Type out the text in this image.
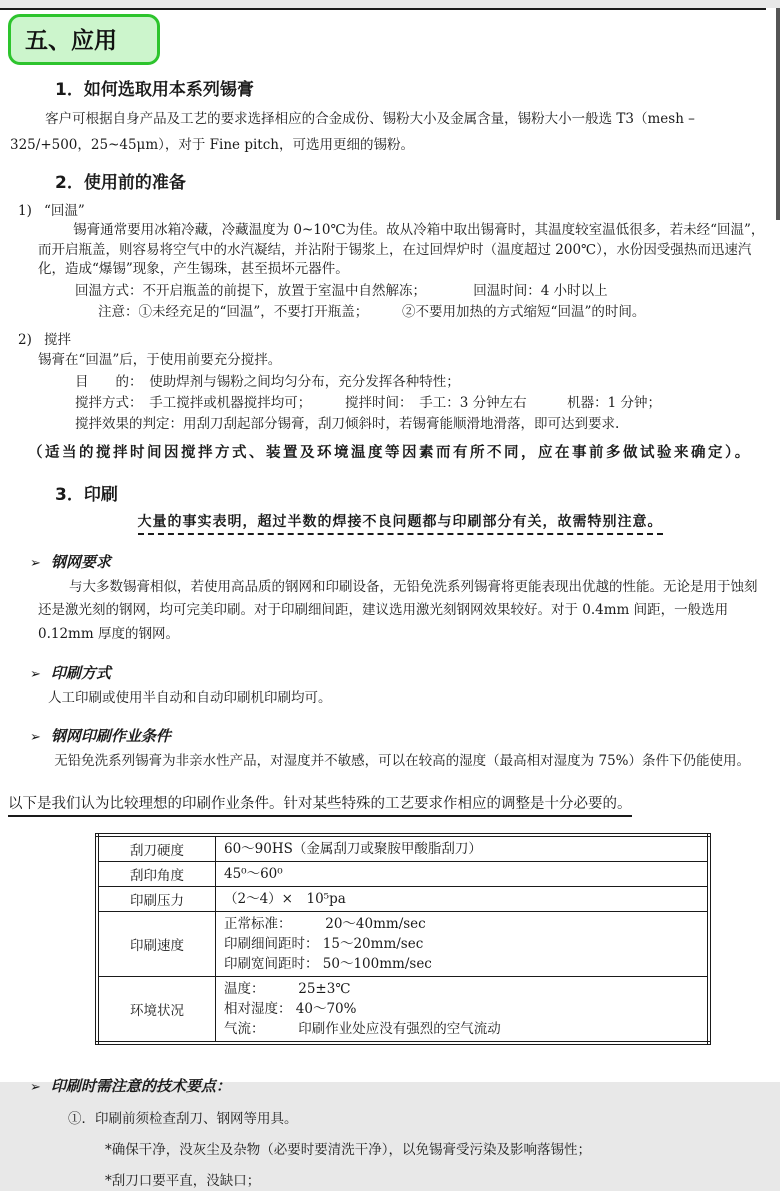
五、应用
1．如何选取用本系列锡膏

客户可根据自身产品及工艺的要求选择相应的合金成份、锡粉大小及金属含量，锡粉大小一般选 T3（mesh –325/+500，25~45μm），对于 Fine pitch，可选用更细的锡粉。

2．使用前的准备
1) “回温”

锡膏通常要用冰箱冷藏，冷藏温度为 0~10℃为佳。故从冷箱中取出锡膏时，其温度较室温低很多，若未经“回温”，而开启瓶盖，则容易将空气中的水汽凝结，并沾附于锡浆上，在过回焊炉时（温度超过 200℃），水份因受强热而迅速汽化，造成“爆锡”现象，产生锡珠，甚至损坏元器件。

回温方式：不开启瓶盖的前提下，放置于室温中自然解冻；　　　　回温时间：4 小时以上
注意：①未经充足的“回温”，不要打开瓶盖；　　　②不要用加热的方式缩短“回温”的时间。
2) 搅拌
锡膏在“回温”后，于使用前要充分搅拌。
目　　的：　使助焊剂与锡粉之间均匀分布，充分发挥各种特性；
搅拌方式：　手工搅拌或机器搅拌均可；　　　搅拌时间：　手工：3 分钟左右　　　机器：1 分钟；
搅拌效果的判定：用刮刀刮起部分锡膏，刮刀倾斜时，若锡膏能顺滑地滑落，即可达到要求.
（适当的搅拌时间因搅拌方式、装置及环境温度等因素而有所不同，应在事前多做试验来确定）。
3．印刷
大量的事实表明，超过半数的焊接不良问题都与印刷部分有关，故需特别注意。
➢ 钢网要求

与大多数锡膏相似，若使用高品质的钢网和印刷设备，无铅免洗系列锡膏将更能表现出优越的性能。无论是用于蚀刻还是激光刻的钢网，均可完美印刷。对于印刷细间距，建议选用激光刻钢网效果较好。对于 0.4mm 间距，一般选用 0.12mm 厚度的钢网。

➢ 印刷方式

人工印刷或使用半自动和自动印刷机印刷均可。

➢ 钢网印刷作业条件

无铅免洗系列锡膏为非亲水性产品，对湿度并不敏感，可以在较高的湿度（最高相对湿度为 75%）条件下仍能使用。

以下是我们认为比较理想的印刷作业条件。针对某些特殊的工艺要求作相应的调整是十分必要的。
刮刀硬度	60～90HS（金属刮刀或聚胺甲酸脂刮刀）

刮印角度	45⁰～60⁰

印刷压力	（2～4）×　10⁵pa

印刷速度	正常标准：　　　20～40mm/sec
印刷细间距时： 15～20mm/sec
印刷宽间距时： 50～100mm/sec

环境状况	温度：　　　25±3℃
相对湿度： 40～70%
气流：　　　印刷作业处应没有强烈的空气流动
➢ 印刷时需注意的技术要点：
①．印刷前须检查刮刀、钢网等用具。
*确保干净，没灰尘及杂物（必要时要清洗干净），以免锡膏受污染及影响落锡性；
*刮刀口要平直，没缺口；
